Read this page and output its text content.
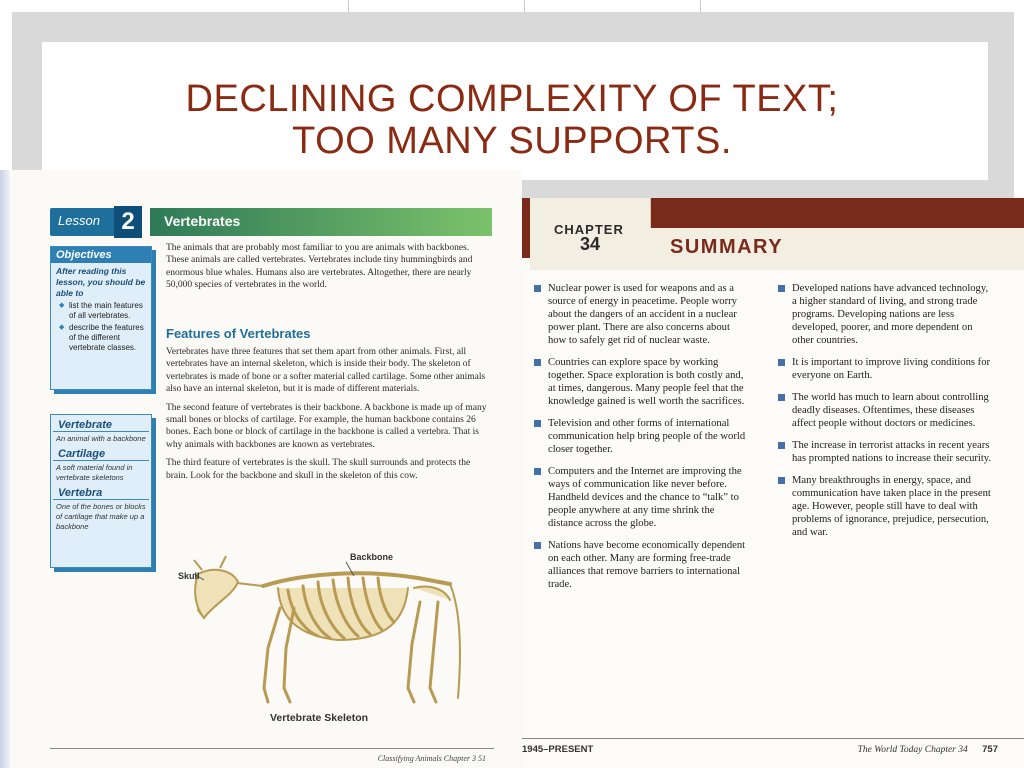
DECLINING COMPLEXITY OF TEXT;
TOO MANY SUPPORTS.
Lesson 2	Vertebrates
Objectives
After reading this lesson, you should be able to
◆ list the main features of all vertebrates.
◆ describe the features of the different vertebrate classes.
Vertebrate
An animal with a backbone
Cartilage
A soft material found in vertebrate skeletons
Vertebra
One of the bones or blocks of cartilage that make up a backbone

The animals that are probably most familiar to you are animals with backbones. These animals are called vertebrates. Vertebrates include tiny hummingbirds and enormous blue whales. Humans also are vertebrates. Altogether, there are nearly 50,000 species of vertebrates in the world.

Features of Vertebrates

Vertebrates have three features that set them apart from other animals. First, all vertebrates have an internal skeleton, which is inside their body. The skeleton of vertebrates is made of bone or a softer material called cartilage. Some other animals also have an internal skeleton, but it is made of different materials.

The second feature of vertebrates is their backbone. A backbone is made up of many small bones or blocks of cartilage. For example, the human backbone contains 26 bones. Each bone or block of cartilage in the backbone is called a vertebra. That is why animals with backbones are known as vertebrates.

The third feature of vertebrates is the skull. The skull surrounds and protects the brain. Look for the backbone and skull in the skeleton of this cow.

Skull
Backbone
Vertebrate Skeleton
Classifying Animals Chapter 3 51
CHAPTER
34	SUMMARY
Nuclear power is used for weapons and as a source of energy in peacetime. People worry about the dangers of an accident in a nuclear power plant. There are also concerns about how to safely get rid of nuclear waste.
Countries can explore space by working together. Space exploration is both costly and, at times, dangerous. Many people feel that the knowledge gained is well worth the sacrifices.
Television and other forms of international communication help bring people of the world closer together.
Computers and the Internet are improving the ways of communication like never before. Handheld devices and the chance to “talk” to people anywhere at any time shrink the distance across the globe.
Nations have become economically dependent on each other. Many are forming free-trade alliances that remove barriers to international trade.
Developed nations have advanced technology, a higher standard of living, and strong trade programs. Developing nations are less developed, poorer, and more dependent on other countries.
It is important to improve living conditions for everyone on Earth.
The world has much to learn about controlling deadly diseases. Oftentimes, these diseases affect people without doctors or medicines.
The increase in terrorist attacks in recent years has prompted nations to increase their security.
Many breakthroughs in energy, space, and communication have taken place in the present age. However, people still have to deal with problems of ignorance, prejudice, persecution, and war.
1945–PRESENT	The World Today Chapter 34 757
